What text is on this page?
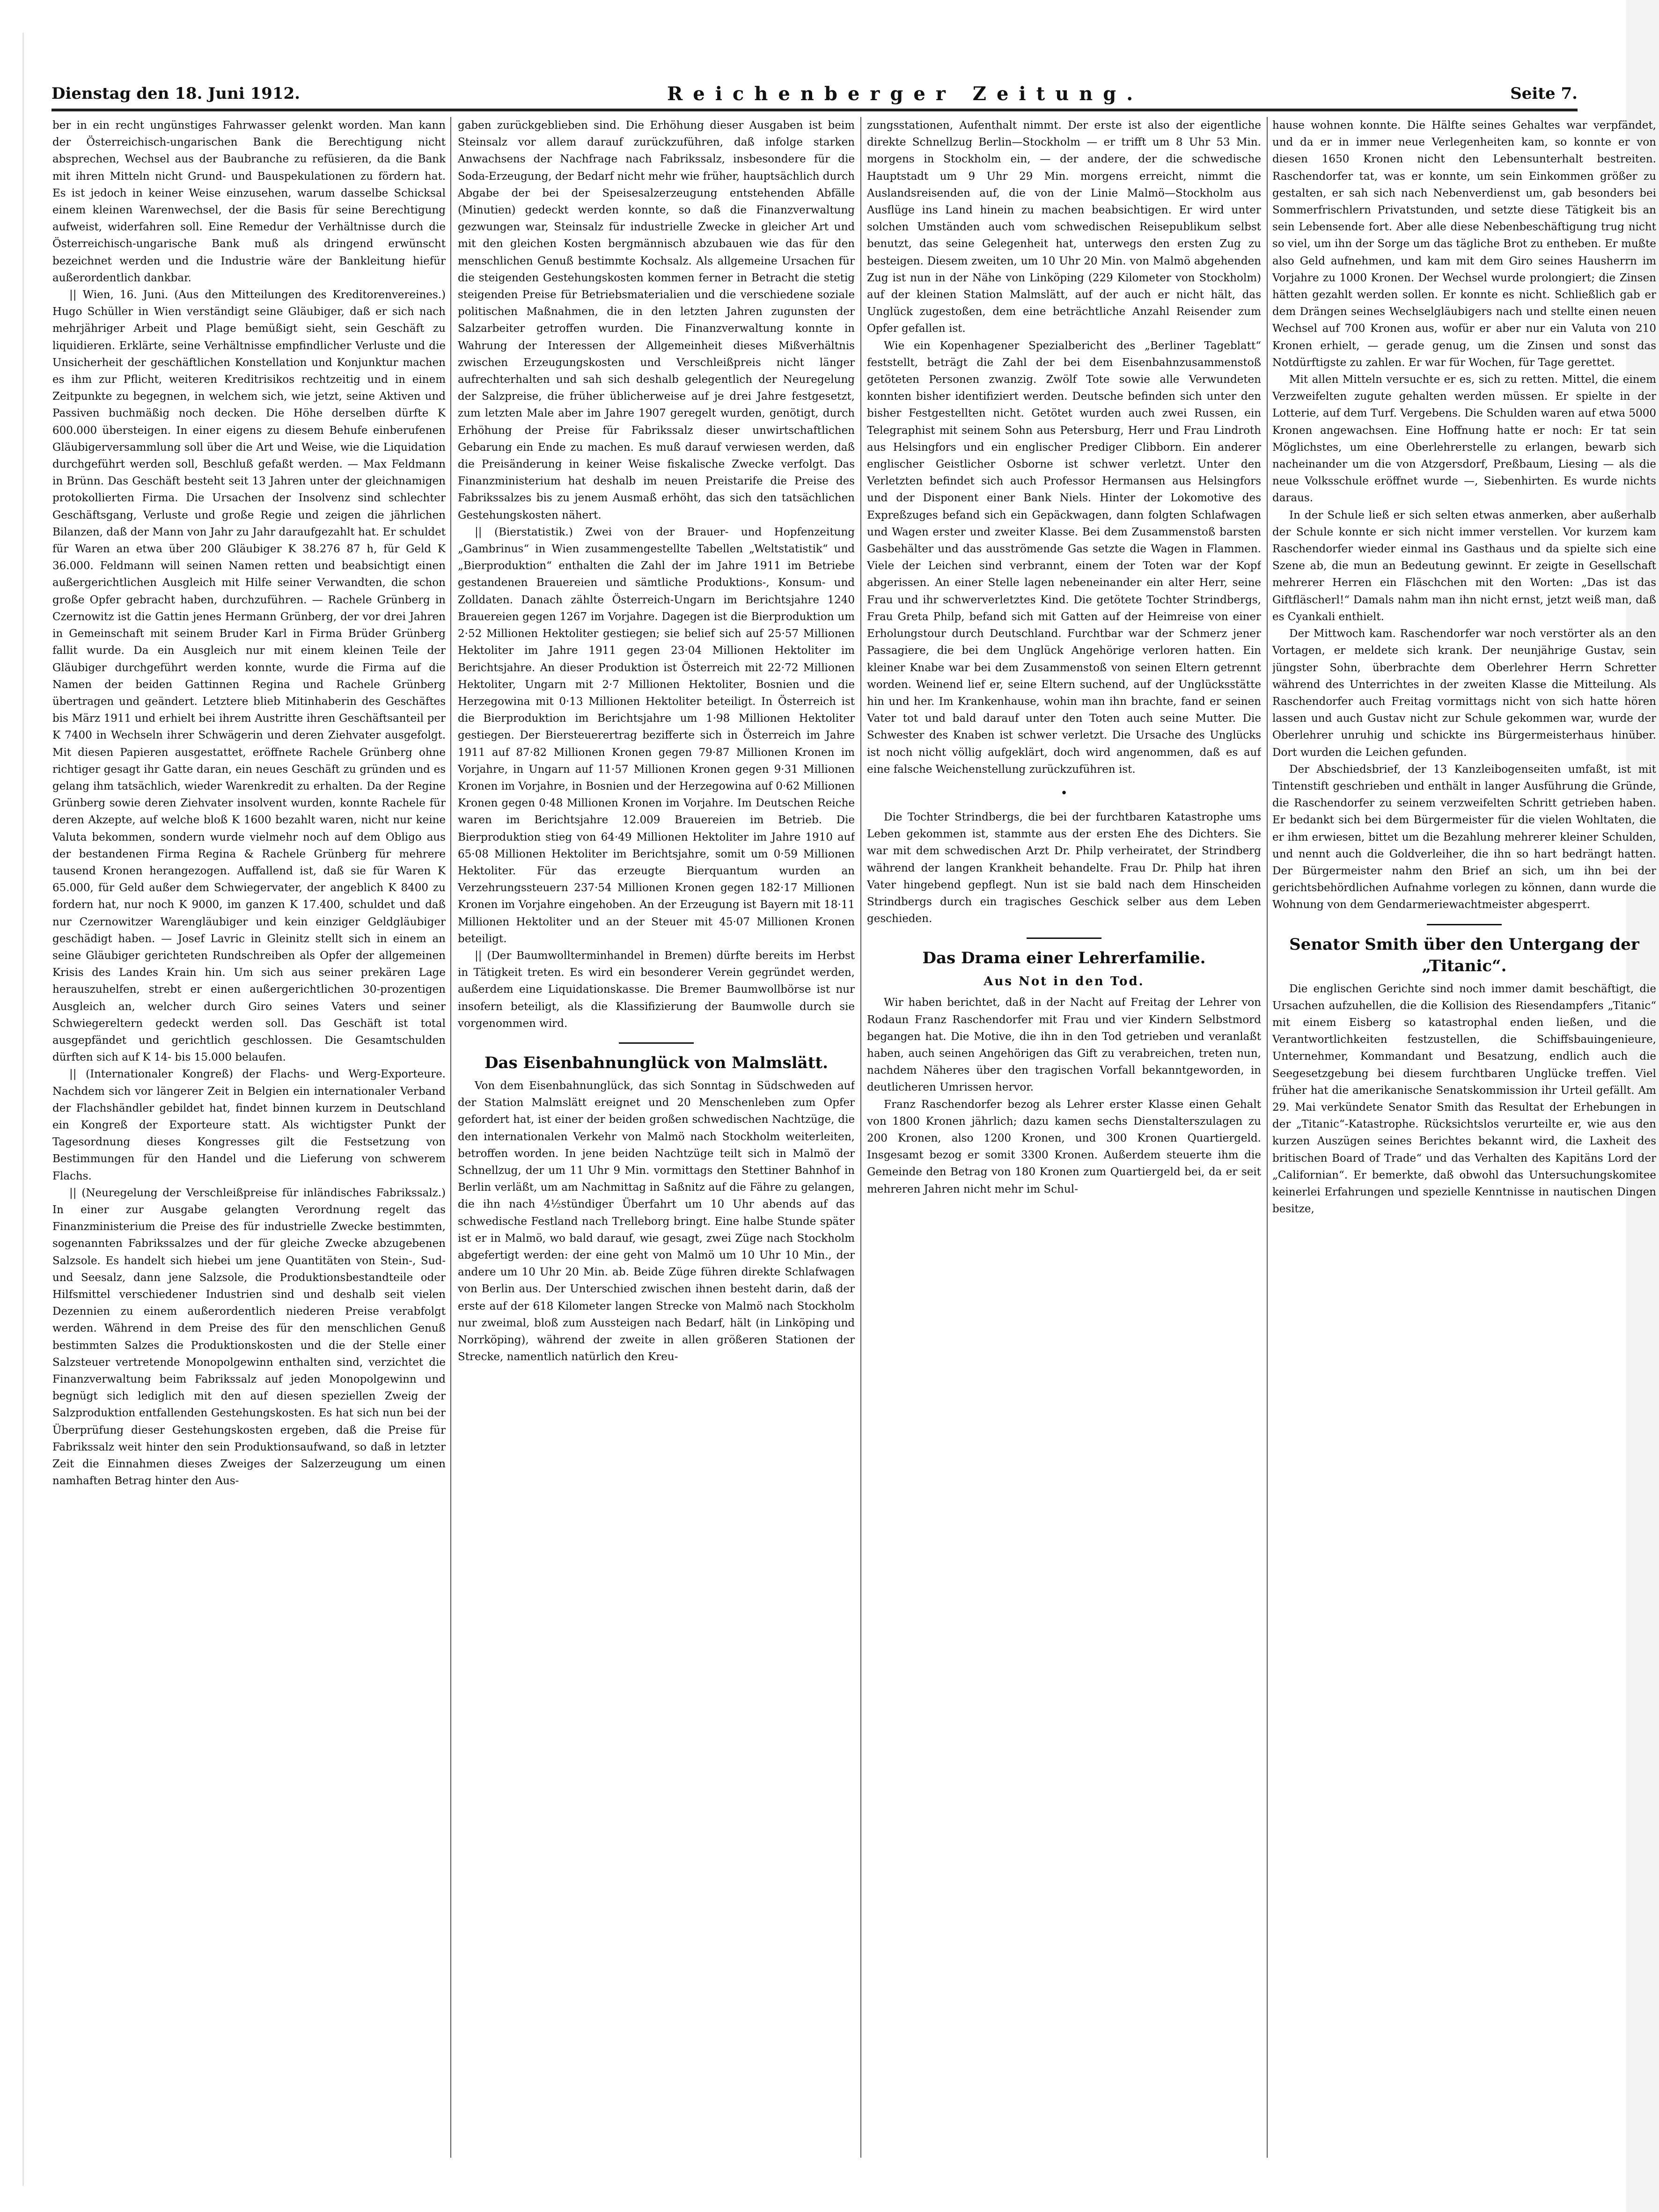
Dienstag den 18. Juni 1912.	Reichenberger Zeitung.	Seite 7.

ber in ein recht ungünstiges Fahrwasser gelenkt worden. Man kann der Österreichisch-ungarischen Bank die Berechtigung nicht absprechen, Wechsel aus der Baubranche zu refüsieren, da die Bank mit ihren Mitteln nicht Grund- und Bauspekulationen zu fördern hat. Es ist jedoch in keiner Weise einzusehen, warum dasselbe Schicksal einem kleinen Warenwechsel, der die Basis für seine Berechtigung aufweist, widerfahren soll. Eine Remedur der Verhältnisse durch die Österreichisch-ungarische Bank muß als dringend erwünscht bezeichnet werden und die Industrie wäre der Bankleitung hiefür außerordentlich dankbar.

|| Wien, 16. Juni. (Aus den Mitteilungen des Kreditorenvereines.) Hugo Schüller in Wien verständigt seine Gläubiger, daß er sich nach mehrjähriger Arbeit und Plage bemüßigt sieht, sein Geschäft zu liquidieren. Erklärte, seine Verhältnisse empfindlicher Verluste und die Unsicherheit der geschäftlichen Konstellation und Konjunktur machen es ihm zur Pflicht, weiteren Kreditrisikos rechtzeitig und in einem Zeitpunkte zu begegnen, in welchem sich, wie jetzt, seine Aktiven und Passiven buchmäßig noch decken. Die Höhe derselben dürfte K 600.000 übersteigen. In einer eigens zu diesem Behufe einberufenen Gläubigerversammlung soll über die Art und Weise, wie die Liquidation durchgeführt werden soll, Beschluß gefaßt werden. — Max Feldmann in Brünn. Das Geschäft besteht seit 13 Jahren unter der gleichnamigen protokollierten Firma. Die Ursachen der Insolvenz sind schlechter Geschäftsgang, Verluste und große Regie und zeigen die jährlichen Bilanzen, daß der Mann von Jahr zu Jahr daraufgezahlt hat. Er schuldet für Waren an etwa über 200 Gläubiger K 38.276 87 h, für Geld K 36.000. Feldmann will seinen Namen retten und beabsichtigt einen außergerichtlichen Ausgleich mit Hilfe seiner Verwandten, die schon große Opfer gebracht haben, durchzuführen. — Rachele Grünberg in Czernowitz ist die Gattin jenes Hermann Grünberg, der vor drei Jahren in Gemeinschaft mit seinem Bruder Karl in Firma Brüder Grünberg fallit wurde. Da ein Ausgleich nur mit einem kleinen Teile der Gläubiger durchgeführt werden konnte, wurde die Firma auf die Namen der beiden Gattinnen Regina und Rachele Grünberg übertragen und geändert. Letztere blieb Mitinhaberin des Geschäftes bis März 1911 und erhielt bei ihrem Austritte ihren Geschäftsanteil per K 7400 in Wechseln ihrer Schwägerin und deren Ziehvater ausgefolgt. Mit diesen Papieren ausgestattet, eröffnete Rachele Grünberg ohne richtiger gesagt ihr Gatte daran, ein neues Geschäft zu gründen und es gelang ihm tatsächlich, wieder Warenkredit zu erhalten. Da der Regine Grünberg sowie deren Ziehvater insolvent wurden, konnte Rachele für deren Akzepte, auf welche bloß K 1600 bezahlt waren, nicht nur keine Valuta bekommen, sondern wurde vielmehr noch auf dem Obligo aus der bestandenen Firma Regina & Rachele Grünberg für mehrere tausend Kronen herangezogen. Auffallend ist, daß sie für Waren K 65.000, für Geld außer dem Schwiegervater, der angeblich K 8400 zu fordern hat, nur noch K 9000, im ganzen K 17.400, schuldet und daß nur Czernowitzer Warengläubiger und kein einziger Geldgläubiger geschädigt haben. — Josef Lavric in Gleinitz stellt sich in einem an seine Gläubiger gerichteten Rundschreiben als Opfer der allgemeinen Krisis des Landes Krain hin. Um sich aus seiner prekären Lage herauszuhelfen, strebt er einen außergerichtlichen 30-prozentigen Ausgleich an, welcher durch Giro seines Vaters und seiner Schwiegereltern gedeckt werden soll. Das Geschäft ist total ausgepfändet und gerichtlich geschlossen. Die Gesamtschulden dürften sich auf K 14- bis 15.000 belaufen.

|| (Internationaler Kongreß) der Flachs- und Werg-Exporteure. Nachdem sich vor längerer Zeit in Belgien ein internationaler Verband der Flachshändler gebildet hat, findet binnen kurzem in Deutschland ein Kongreß der Exporteure statt. Als wichtigster Punkt der Tagesordnung dieses Kongresses gilt die Festsetzung von Bestimmungen für den Handel und die Lieferung von schwerem Flachs.

|| (Neuregelung der Verschleißpreise für inländisches Fabrikssalz.) In einer zur Ausgabe gelangten Verordnung regelt das Finanzministerium die Preise des für industrielle Zwecke bestimmten, sogenannten Fabrikssalzes und der für gleiche Zwecke abzugebenen Salzsole. Es handelt sich hiebei um jene Quantitäten von Stein-, Sud- und Seesalz, dann jene Salzsole, die Produktionsbestandteile oder Hilfsmittel verschiedener Industrien sind und deshalb seit vielen Dezennien zu einem außerordentlich niederen Preise verabfolgt werden. Während in dem Preise des für den menschlichen Genuß bestimmten Salzes die Produktionskosten und die der Stelle einer Salzsteuer vertretende Monopolgewinn enthalten sind, verzichtet die Finanzverwaltung beim Fabrikssalz auf jeden Monopolgewinn und begnügt sich lediglich mit den auf diesen speziellen Zweig der Salzproduktion entfallenden Gestehungskosten. Es hat sich nun bei der Überprüfung dieser Gestehungskosten ergeben, daß die Preise für Fabrikssalz weit hinter den sein Produktionsaufwand, so daß in letzter Zeit die Einnahmen dieses Zweiges der Salzerzeugung um einen namhaften Betrag hinter den Aus-

gaben zurückgeblieben sind. Die Erhöhung dieser Ausgaben ist beim Steinsalz vor allem darauf zurückzuführen, daß infolge starken Anwachsens der Nachfrage nach Fabrikssalz, insbesondere für die Soda-Erzeugung, der Bedarf nicht mehr wie früher, hauptsächlich durch Abgabe der bei der Speisesalzerzeugung entstehenden Abfälle (Minutien) gedeckt werden konnte, so daß die Finanzverwaltung gezwungen war, Steinsalz für industrielle Zwecke in gleicher Art und mit den gleichen Kosten bergmännisch abzubauen wie das für den menschlichen Genuß bestimmte Kochsalz. Als allgemeine Ursachen für die steigenden Gestehungskosten kommen ferner in Betracht die stetig steigenden Preise für Betriebsmaterialien und die verschiedene soziale politischen Maßnahmen, die in den letzten Jahren zugunsten der Salzarbeiter getroffen wurden. Die Finanzverwaltung konnte in Wahrung der Interessen der Allgemeinheit dieses Mißverhältnis zwischen Erzeugungskosten und Verschleißpreis nicht länger aufrechterhalten und sah sich deshalb gelegentlich der Neuregelung der Salzpreise, die früher üblicherweise auf je drei Jahre festgesetzt, zum letzten Male aber im Jahre 1907 geregelt wurden, genötigt, durch Erhöhung der Preise für Fabrikssalz dieser unwirtschaftlichen Gebarung ein Ende zu machen. Es muß darauf verwiesen werden, daß die Preisänderung in keiner Weise fiskalische Zwecke verfolgt. Das Finanzministerium hat deshalb im neuen Preistarife die Preise des Fabrikssalzes bis zu jenem Ausmaß erhöht, das sich den tatsächlichen Gestehungskosten nähert.

|| (Bierstatistik.) Zwei von der Brauer- und Hopfenzeitung „Gambrinus“ in Wien zusammengestellte Tabellen „Weltstatistik“ und „Bierproduktion“ enthalten die Zahl der im Jahre 1911 im Betriebe gestandenen Brauereien und sämtliche Produktions-, Konsum- und Zolldaten. Danach zählte Österreich-Ungarn im Berichtsjahre 1240 Brauereien gegen 1267 im Vorjahre. Dagegen ist die Bierproduktion um 2·52 Millionen Hektoliter gestiegen; sie belief sich auf 25·57 Millionen Hektoliter im Jahre 1911 gegen 23·04 Millionen Hektoliter im Berichtsjahre. An dieser Produktion ist Österreich mit 22·72 Millionen Hektoliter, Ungarn mit 2·7 Millionen Hektoliter, Bosnien und die Herzegowina mit 0·13 Millionen Hektoliter beteiligt. In Österreich ist die Bierproduktion im Berichtsjahre um 1·98 Millionen Hektoliter gestiegen. Der Biersteuerertrag bezifferte sich in Österreich im Jahre 1911 auf 87·82 Millionen Kronen gegen 79·87 Millionen Kronen im Vorjahre, in Ungarn auf 11·57 Millionen Kronen gegen 9·31 Millionen Kronen im Vorjahre, in Bosnien und der Herzegowina auf 0·62 Millionen Kronen gegen 0·48 Millionen Kronen im Vorjahre. Im Deutschen Reiche waren im Berichtsjahre 12.009 Brauereien im Betrieb. Die Bierproduktion stieg von 64·49 Millionen Hektoliter im Jahre 1910 auf 65·08 Millionen Hektoliter im Berichtsjahre, somit um 0·59 Millionen Hektoliter. Für das erzeugte Bierquantum wurden an Verzehrungssteuern 237·54 Millionen Kronen gegen 182·17 Millionen Kronen im Vorjahre eingehoben. An der Erzeugung ist Bayern mit 18·11 Millionen Hektoliter und an der Steuer mit 45·07 Millionen Kronen beteiligt.

|| (Der Baumwollterminhandel in Bremen) dürfte bereits im Herbst in Tätigkeit treten. Es wird ein besonderer Verein gegründet werden, außerdem eine Liquidationskasse. Die Bremer Baumwollbörse ist nur insofern beteiligt, als die Klassifizierung der Baumwolle durch sie vorgenommen wird.

Das Eisenbahnunglück von Malmslätt.

Von dem Eisenbahnunglück, das sich Sonntag in Südschweden auf der Station Malmslätt ereignet und 20 Menschenleben zum Opfer gefordert hat, ist einer der beiden großen schwedischen Nachtzüge, die den internationalen Verkehr von Malmö nach Stockholm weiterleiten, betroffen worden. In jene beiden Nachtzüge teilt sich in Malmö der Schnellzug, der um 11 Uhr 9 Min. vormittags den Stettiner Bahnhof in Berlin verläßt, um am Nachmittag in Saßnitz auf die Fähre zu gelangen, die ihn nach 4½stündiger Überfahrt um 10 Uhr abends auf das schwedische Festland nach Trelleborg bringt. Eine halbe Stunde später ist er in Malmö, wo bald darauf, wie gesagt, zwei Züge nach Stockholm abgefertigt werden: der eine geht von Malmö um 10 Uhr 10 Min., der andere um 10 Uhr 20 Min. ab. Beide Züge führen direkte Schlafwagen von Berlin aus. Der Unterschied zwischen ihnen besteht darin, daß der erste auf der 618 Kilometer langen Strecke von Malmö nach Stockholm nur zweimal, bloß zum Aussteigen nach Bedarf, hält (in Linköping und Norrköping), während der zweite in allen größeren Stationen der Strecke, namentlich natürlich den Kreu-

zungsstationen, Aufenthalt nimmt. Der erste ist also der eigentliche direkte Schnellzug Berlin—Stockholm — er trifft um 8 Uhr 53 Min. morgens in Stockholm ein, — der andere, der die schwedische Hauptstadt um 9 Uhr 29 Min. morgens erreicht, nimmt die Auslandsreisenden auf, die von der Linie Malmö—Stockholm aus Ausflüge ins Land hinein zu machen beabsichtigen. Er wird unter solchen Umständen auch vom schwedischen Reisepublikum selbst benutzt, das seine Gelegenheit hat, unterwegs den ersten Zug zu besteigen. Diesem zweiten, um 10 Uhr 20 Min. von Malmö abgehenden Zug ist nun in der Nähe von Linköping (229 Kilometer von Stockholm) auf der kleinen Station Malmslätt, auf der auch er nicht hält, das Unglück zugestoßen, dem eine beträchtliche Anzahl Reisender zum Opfer gefallen ist.

Wie ein Kopenhagener Spezialbericht des „Berliner Tageblatt“ feststellt, beträgt die Zahl der bei dem Eisenbahnzusammenstoß getöteten Personen zwanzig. Zwölf Tote sowie alle Verwundeten konnten bisher identifiziert werden. Deutsche befinden sich unter den bisher Festgestellten nicht. Getötet wurden auch zwei Russen, ein Telegraphist mit seinem Sohn aus Petersburg, Herr und Frau Lindroth aus Helsingfors und ein englischer Prediger Clibborn. Ein anderer englischer Geistlicher Osborne ist schwer verletzt. Unter den Verletzten befindet sich auch Professor Hermansen aus Helsingfors und der Disponent einer Bank Niels. Hinter der Lokomotive des Expreßzuges befand sich ein Gepäckwagen, dann folgten Schlafwagen und Wagen erster und zweiter Klasse. Bei dem Zusammenstoß barsten Gasbehälter und das ausströmende Gas setzte die Wagen in Flammen. Viele der Leichen sind verbrannt, einem der Toten war der Kopf abgerissen. An einer Stelle lagen nebeneinander ein alter Herr, seine Frau und ihr schwerverletztes Kind. Die getötete Tochter Strindbergs, Frau Greta Philp, befand sich mit Gatten auf der Heimreise von einer Erholungstour durch Deutschland. Furchtbar war der Schmerz jener Passagiere, die bei dem Unglück Angehörige verloren hatten. Ein kleiner Knabe war bei dem Zusammenstoß von seinen Eltern getrennt worden. Weinend lief er, seine Eltern suchend, auf der Unglücksstätte hin und her. Im Krankenhause, wohin man ihn brachte, fand er seinen Vater tot und bald darauf unter den Toten auch seine Mutter. Die Schwester des Knaben ist schwer verletzt. Die Ursache des Unglücks ist noch nicht völlig aufgeklärt, doch wird angenommen, daß es auf eine falsche Weichenstellung zurückzuführen ist.

•

Die Tochter Strindbergs, die bei der furchtbaren Katastrophe ums Leben gekommen ist, stammte aus der ersten Ehe des Dichters. Sie war mit dem schwedischen Arzt Dr. Philp verheiratet, der Strindberg während der langen Krankheit behandelte. Frau Dr. Philp hat ihren Vater hingebend gepflegt. Nun ist sie bald nach dem Hinscheiden Strindbergs durch ein tragisches Geschick selber aus dem Leben geschieden.

Das Drama einer Lehrerfamilie.
Aus Not in den Tod.

Wir haben berichtet, daß in der Nacht auf Freitag der Lehrer von Rodaun Franz Raschendorfer mit Frau und vier Kindern Selbstmord begangen hat. Die Motive, die ihn in den Tod getrieben und veranlaßt haben, auch seinen Angehörigen das Gift zu verabreichen, treten nun, nachdem Näheres über den tragischen Vorfall bekanntgeworden, in deutlicheren Umrissen hervor.

Franz Raschendorfer bezog als Lehrer erster Klasse einen Gehalt von 1800 Kronen jährlich; dazu kamen sechs Dienstalterszulagen zu 200 Kronen, also 1200 Kronen, und 300 Kronen Quartiergeld. Insgesamt bezog er somit 3300 Kronen. Außerdem steuerte ihm die Gemeinde den Betrag von 180 Kronen zum Quartiergeld bei, da er seit mehreren Jahren nicht mehr im Schul-

hause wohnen konnte. Die Hälfte seines Gehaltes war verpfändet, und da er in immer neue Verlegenheiten kam, so konnte er von diesen 1650 Kronen nicht den Lebensunterhalt bestreiten. Raschendorfer tat, was er konnte, um sein Einkommen größer zu gestalten, er sah sich nach Nebenverdienst um, gab besonders bei Sommerfrischlern Privatstunden, und setzte diese Tätigkeit bis an sein Lebensende fort. Aber alle diese Nebenbeschäftigung trug nicht so viel, um ihn der Sorge um das tägliche Brot zu entheben. Er mußte also Geld aufnehmen, und kam mit dem Giro seines Hausherrn im Vorjahre zu 1000 Kronen. Der Wechsel wurde prolongiert; die Zinsen hätten gezahlt werden sollen. Er konnte es nicht. Schließlich gab er dem Drängen seines Wechselgläubigers nach und stellte einen neuen Wechsel auf 700 Kronen aus, wofür er aber nur ein Valuta von 210 Kronen erhielt, — gerade genug, um die Zinsen und sonst das Notdürftigste zu zahlen. Er war für Wochen, für Tage gerettet.

Mit allen Mitteln versuchte er es, sich zu retten. Mittel, die einem Verzweifelten zugute gehalten werden müssen. Er spielte in der Lotterie, auf dem Turf. Vergebens. Die Schulden waren auf etwa 5000 Kronen angewachsen. Eine Hoffnung hatte er noch: Er tat sein Möglichstes, um eine Oberlehrerstelle zu erlangen, bewarb sich nacheinander um die von Atzgersdorf, Preßbaum, Liesing — als die neue Volksschule eröffnet wurde —, Siebenhirten. Es wurde nichts daraus.

In der Schule ließ er sich selten etwas anmerken, aber außerhalb der Schule konnte er sich nicht immer verstellen. Vor kurzem kam Raschendorfer wieder einmal ins Gasthaus und da spielte sich eine Szene ab, die mun an Bedeutung gewinnt. Er zeigte in Gesellschaft mehrerer Herren ein Fläschchen mit den Worten: „Das ist das Giftfläscherl!“ Damals nahm man ihn nicht ernst, jetzt weiß man, daß es Cyankali enthielt.

Der Mittwoch kam. Raschendorfer war noch verstörter als an den Vortagen, er meldete sich krank. Der neunjährige Gustav, sein jüngster Sohn, überbrachte dem Oberlehrer Herrn Schretter während des Unterrichtes in der zweiten Klasse die Mitteilung. Als Raschendorfer auch Freitag vormittags nicht von sich hatte hören lassen und auch Gustav nicht zur Schule gekommen war, wurde der Oberlehrer unruhig und schickte ins Bürgermeisterhaus hinüber. Dort wurden die Leichen gefunden.

Der Abschiedsbrief, der 13 Kanzleibogenseiten umfaßt, ist mit Tintenstift geschrieben und enthält in langer Ausführung die Gründe, die Raschendorfer zu seinem verzweifelten Schritt getrieben haben. Er bedankt sich bei dem Bürgermeister für die vielen Wohltaten, die er ihm erwiesen, bittet um die Bezahlung mehrerer kleiner Schulden, und nennt auch die Goldverleiher, die ihn so hart bedrängt hatten. Der Bürgermeister nahm den Brief an sich, um ihn bei der gerichtsbehördlichen Aufnahme vorlegen zu können, dann wurde die Wohnung von dem Gendarmeriewachtmeister abgesperrt.

Senator Smith über den Untergang der „Titanic“.

Die englischen Gerichte sind noch immer damit beschäftigt, die Ursachen aufzuhellen, die die Kollision des Riesendampfers „Titanic“ mit einem Eisberg so katastrophal enden ließen, und die Verantwortlichkeiten festzustellen, die Schiffsbauingenieure, Unternehmer, Kommandant und Besatzung, endlich auch die Seegesetzgebung bei diesem furchtbaren Unglücke treffen. Viel früher hat die amerikanische Senatskommission ihr Urteil gefällt. Am 29. Mai verkündete Senator Smith das Resultat der Erhebungen in der „Titanic“-Katastrophe. Rücksichtslos verurteilte er, wie aus den kurzen Auszügen seines Berichtes bekannt wird, die Laxheit des britischen Board of Trade“ und das Verhalten des Kapitäns Lord der „Californian“. Er bemerkte, daß obwohl das Untersuchungskomitee keinerlei Erfahrungen und spezielle Kenntnisse in nautischen Dingen besitze,
